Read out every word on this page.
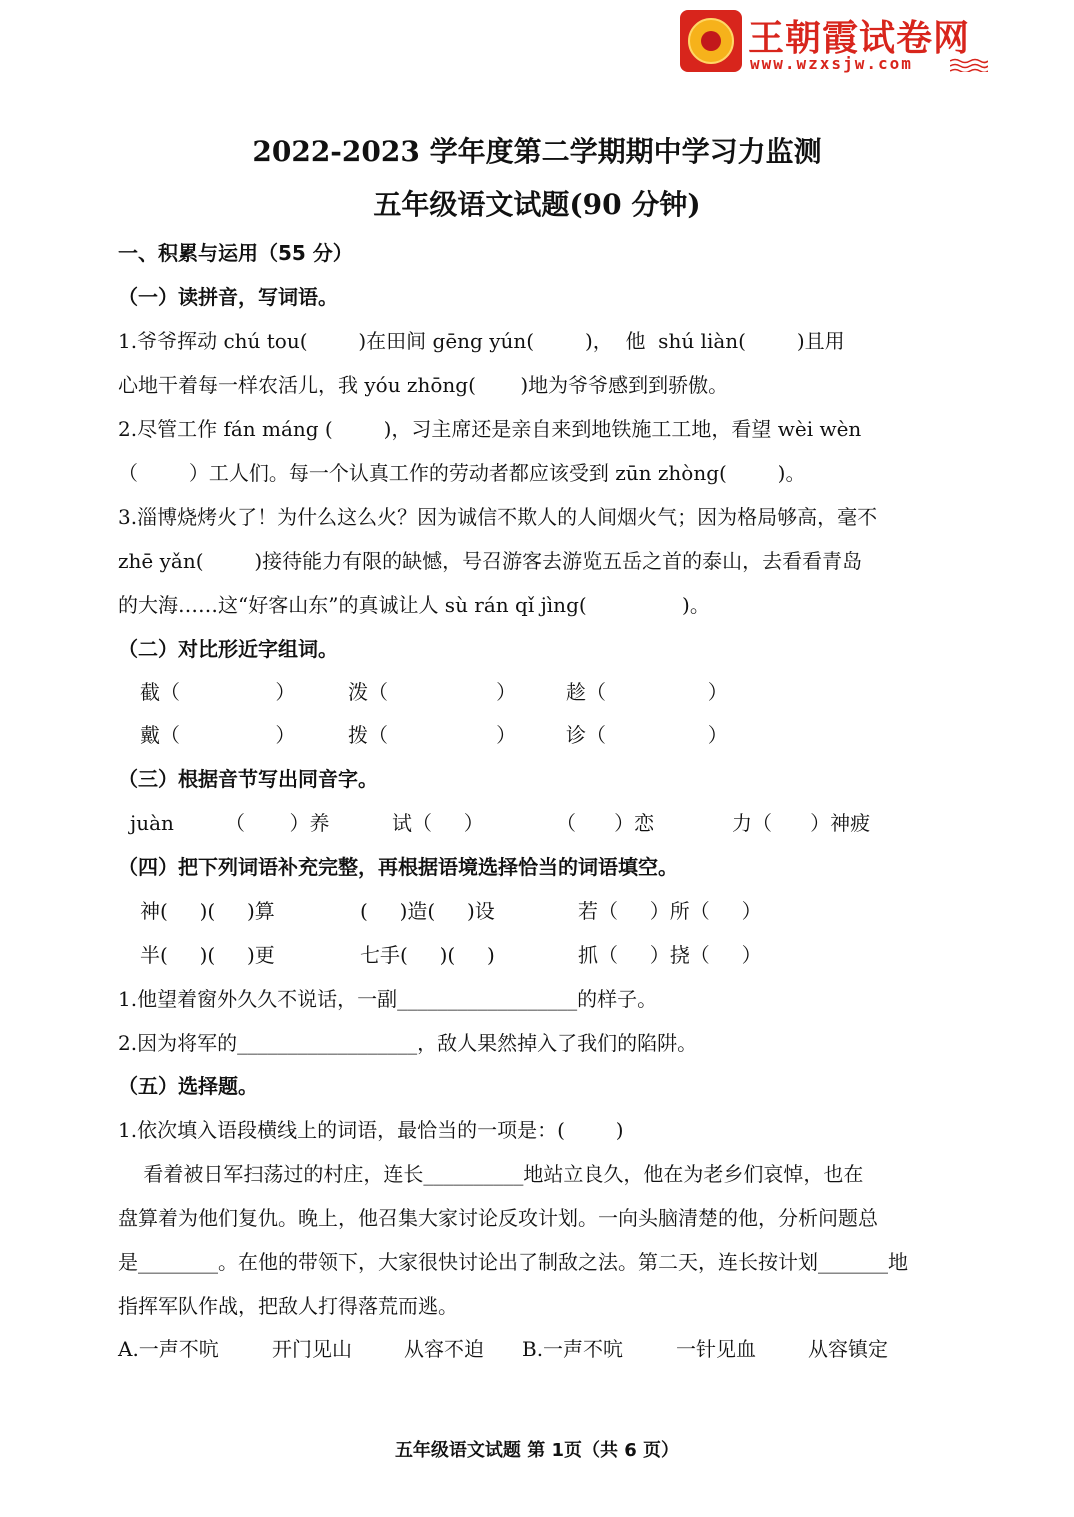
王朝霞试卷网
www.wzxsjw.com
2022-2023 学年度第二学期期中学习力监测
五年级语文试题(90 分钟)
一、积累与运用（55 分）
（一）读拼音，写词语。
1.爷爷挥动 chú tou(        )在田间 gēng yún(        )，  他  shú liàn(        )且用
心地干着每一样农活儿，我 yóu zhōng(       )地为爷爷感到到骄傲。
2.尽管工作 fán máng (        )，习主席还是亲自来到地铁施工工地，看望 wèi wèn
（        ）工人们。每一个认真工作的劳动者都应该受到 zūn zhòng(        )。
3.淄博烧烤火了！为什么这么火？因为诚信不欺人的人间烟火气；因为格局够高，毫不
zhē yǎn(        )接待能力有限的缺憾，号召游客去游览五岳之首的泰山，去看看青岛
的大海……这“好客山东”的真诚让人 sù rán qǐ jìng(               )。
（二）对比形近字组词。
截（               ）	泼（                 ） 趁（                ）
戴（               ）	拨（                 ） 诊（                ）
（三）根据音节写出同音字。
juàn	（       ）养	试（     ）	（      ）恋	力（      ）神疲
（四）把下列词语补充完整，再根据语境选择恰当的词语填空。
神(     )(     )算	(     )造(     )设	若（     ）所（     ）
半(     )(     )更	七手(     )(     )	抓（     ）挠（     ）
1.他望着窗外久久不说话，一副__________________的样子。
2.因为将军的__________________，敌人果然掉入了我们的陷阱。
（五）选择题。
1.依次填入语段横线上的词语，最恰当的一项是：(        )
看着被日军扫荡过的村庄，连长__________地站立良久，他在为老乡们哀悼，也在
盘算着为他们复仇。晚上，他召集大家讨论反攻计划。一向头脑清楚的他，分析问题总
是________。在他的带领下，大家很快讨论出了制敌之法。第二天，连长按计划_______地
指挥军队作战，把敌人打得落荒而逃。
A.一声不吭	开门见山	从容不迫 B.一声不吭	一针见血	从容镇定
五年级语文试题 第 1页（共 6 页）
